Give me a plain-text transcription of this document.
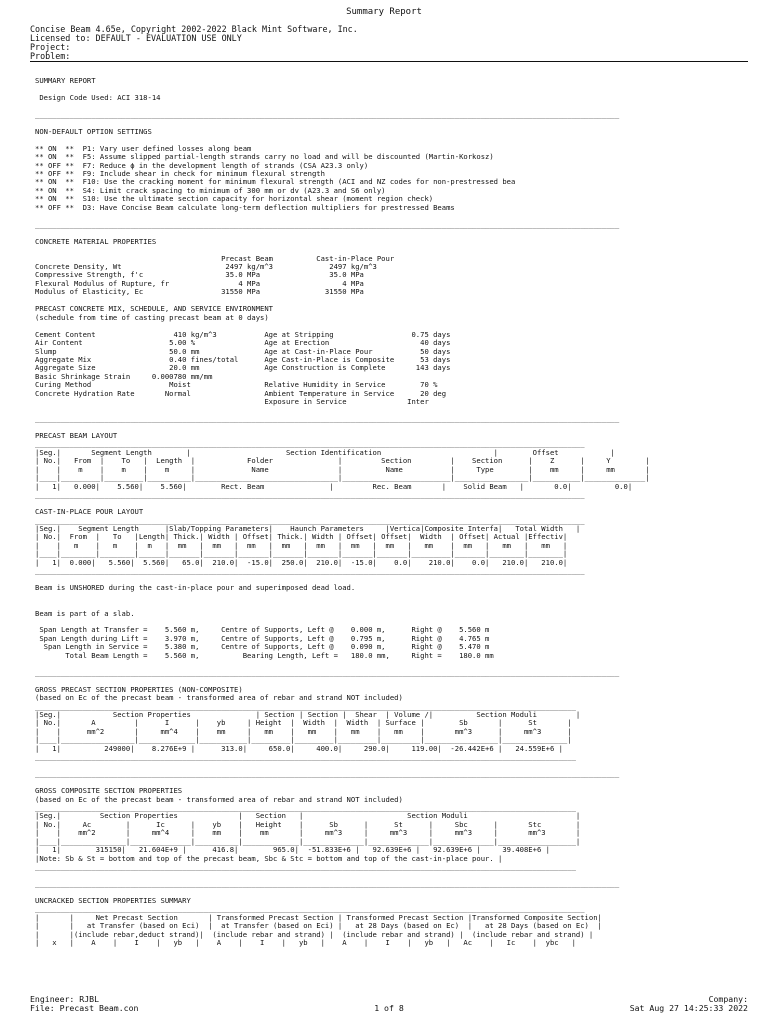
Summary Report
Concise Beam 4.65e, Copyright 2002-2022 Black Mint Software, Inc.
Licensed to: DEFAULT - EVALUATION USE ONLY
Project:
Problem:
SUMMARY REPORT

Design Code Used: ACI 318-14

_______________________________________________________________________________________________________________________________________

NON-DEFAULT OPTION SETTINGS

** ON  **  P1: Vary user defined losses along beam
** ON  **  F5: Assume slipped partial-length strands carry no load and will be discounted (Martin-Korkosz)
** OFF **  F7: Reduce ϕ in the development length of strands (CSA A23.3 only)
** OFF **  F9: Include shear in check for minimum flexural strength
** ON  **  F10: Use the cracking moment for minimum flexural strength (ACI and NZ codes for non-prestressed bea
** ON  **  S4: Limit crack spacing to minimum of 300 mm or dv (A23.3 and S6 only)
** ON  **  S10: Use the ultimate section capacity for horizontal shear (moment region check)
** OFF **  D3: Have Concise Beam calculate long-term deflection multipliers for prestressed Beams

_______________________________________________________________________________________________________________________________________

CONCRETE MATERIAL PROPERTIES

Precast Beam          Cast-in-Place Pour
Concrete Density, Wt                        2497 kg/m^3             2497 kg/m^3
Compressive Strength, f'c                   35.0 MPa                35.0 MPa
Flexural Modulus of Rupture, fr                4 MPa                   4 MPa
Modulus of Elasticity, Ec                  31550 MPa               31550 MPa

PRECAST CONCRETE MIX, SCHEDULE, AND SERVICE ENVIRONMENT
(schedule from time of casting precast beam at 0 days)

Cement Content                  410 kg/m^3           Age at Stripping                  0.75 days
Air Content                    5.00 %                Age at Erection                     40 days
Slump                          50.0 mm               Age at Cast-in-Place Pour           50 days
Aggregate Mix                  0.40 fines/total      Age Cast-in-Place is Composite      53 days
Aggregate Size                 20.0 mm               Age Construction is Complete       143 days
Basic Shrinkage Strain     0.000780 mm/mm
Curing Method                  Moist                 Relative Humidity in Service        70 %
Concrete Hydration Rate       Normal                 Ambient Temperature in Service      20 deg
Exposure in Service              Inter

_______________________________________________________________________________________________________________________________________

PRECAST BEAM LAYOUT
_______________________________________________________________________________________________________________________________
|Seg.|       Segment Length        |                      Section Identification                          |        Offset            |
| No.|   From  |    To   |  Length  |            Folder               |         Section         |    Section      |    Z      |     Y        |
|    |    m    |    m    |    m     |             Name                |          Name           |     Type        |    mm     |     mm       |
|____|_________|_________|__________|_________________________________|_________________________|_________________|___________|______________|
|   1|   0.000|    5.560|    5.560|        Rect. Beam               |         Rec. Beam       |    Solid Beam   |       0.0|          0.0|
_______________________________________________________________________________________________________________________________

CAST-IN-PLACE POUR LAYOUT
_______________________________________________________________________________________________________________________________
|Seg.|    Segment Length      |Slab/Topping Parameters|    Haunch Parameters     |Vertica|Composite Interfa|   Total Width   |
| No.|  From  |   To   |Length| Thick.| Width | Offset| Thick.| Width | Offset| Offset|  Width  | Offset| Actual |Effectiv|
|    |   m    |   m    |  m   |  mm   |  mm   |  mm   |  mm   |  mm   |  mm   |  mm   |   mm    |  mm   |   mm   |   mm   |
|____|________|________|______|_______|_______|_______|_______|_______|_______|_______|_________|_______|________|________|
|   1|  0.000|   5.560|  5.560|   65.0|  210.0|  -15.0|  250.0|  210.0|  -15.0|    0.0|    210.0|    0.0|   210.0|   210.0|
_______________________________________________________________________________________________________________________________

Beam is UNSHORED during the cast-in-place pour and superimposed dead load.

Beam is part of a slab.

Span Length at Transfer =    5.560 m,     Centre of Supports, Left @    0.000 m,      Right @    5.560 m
Span Length during Lift =    3.970 m,     Centre of Supports, Left @    0.795 m,      Right @    4.765 m
Span Length in Service =    5.380 m,     Centre of Supports, Left @    0.090 m,      Right @    5.470 m
Total Beam Length =    5.560 m,          Bearing Length, Left =   180.0 mm,     Right =    180.0 mm

_______________________________________________________________________________________________________________________________________

GROSS PRECAST SECTION PROPERTIES (NON-COMPOSITE)
(based on Ec of the precast beam - transformed area of rebar and strand NOT included)
_____________________________________________________________________________________________________________________________
|Seg.|            Section Properties               | Section | Section |  Shear  | Volume /|          Section Moduli         |
| No.|       A         |      I      |    yb     | Height  |  Width  |  Width  | Surface |        Sb       |      St       |
|    |      mm^2       |     mm^4    |    mm     |   mm    |   mm    |   mm    |   mm    |       mm^3      |     mm^3      |
|____|_________________|_____________|___________|_________|_________|_________|_________|_________________|_______________|
|   1|          249000|    8.276E+9 |      313.0|     650.0|     400.0|     290.0|     119.00|  -26.442E+6 |   24.559E+6 |
_____________________________________________________________________________________________________________________________

_______________________________________________________________________________________________________________________________________

GROSS COMPOSITE SECTION PROPERTIES
(based on Ec of the precast beam - transformed area of rebar and strand NOT included)
_____________________________________________________________________________________________________________________________
|Seg.|         Section Properties              |   Section   |                        Section Moduli                         |
| No.|     Ac        |      Ic      |    yb    |   Height    |      Sb      |      St      |     Sbc      |       Stc        |
|    |    mm^2       |     mm^4     |    mm    |    mm       |     mm^3     |     mm^3     |     mm^3     |       mm^3       |
|____|_______________|______________|__________|_____________|______________|______________|______________|__________________|
|   1|        315150|   21.604E+9 |      416.8|        965.0|  -51.833E+6 |   92.639E+6 |   92.639E+6 |     39.408E+6 |
|Note: Sb & St = bottom and top of the precast beam, Sbc & Stc = bottom and top of the cast-in-place pour. |
_____________________________________________________________________________________________________________________________

_______________________________________________________________________________________________________________________________________

UNCRACKED SECTION PROPERTIES SUMMARY
_______________________________________________________________________________________________________________________________
|       |     Net Precast Section       | Transformed Precast Section | Transformed Precast Section |Transformed Composite Section|
|       |   at Transfer (based on Eci)  |  at Transfer (based on Eci) |   at 28 Days (based on Ec)  |   at 28 Days (based on Ec)  |
|       |(include rebar,deduct strand)|  (include rebar and strand) |  (include rebar and strand) |  (include rebar and strand) |
|   x   |    A    |    I    |   yb   |    A    |    I    |   yb   |    A    |    I    |   yb   |   Ac    |   Ic    |  ybc   |
Engineer: RJBL
File: Precast Beam.con	1 of 8
Company:
Sat Aug 27 14:25:33 2022
